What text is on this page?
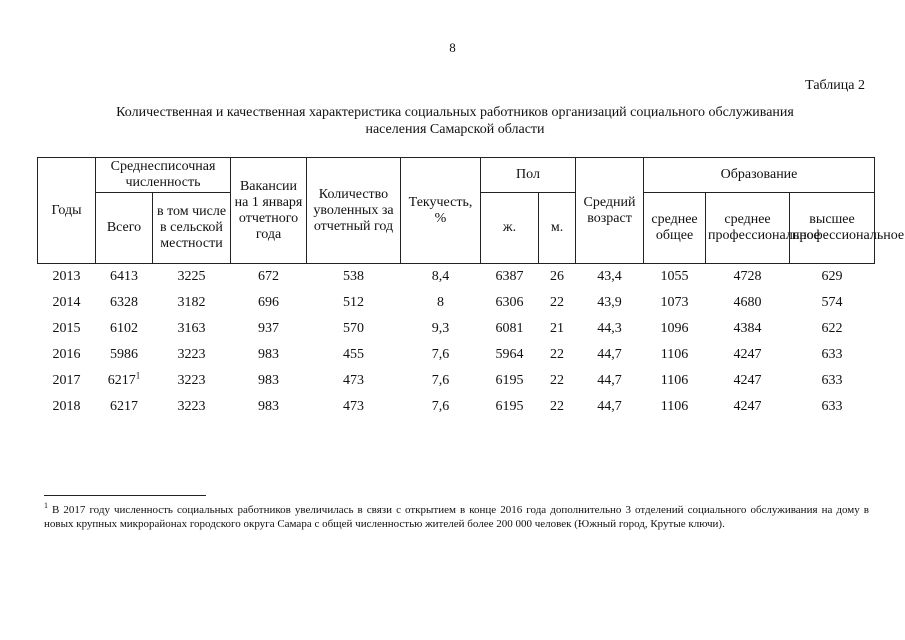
8
Таблица 2
Количественная и качественная характеристика социальных работников организаций социального обслуживания
населения Самарской области
Годы	Среднесписочная численность		Вакансии на 1 января отчетного года	Количество уволенных за отчетный год	Текучесть, %	Пол		Средний возраст	Образование		
	Всего	в том числе в сельской местности				ж.	м.		среднее общее	среднее профессиональное	высшее профессиональное
2013	6413	3225	672	538	8,4	6387	26	43,4	1055	4728	629
2014	6328	3182	696	512	8	6306	22	43,9	1073	4680	574
2015	6102	3163	937	570	9,3	6081	21	44,3	1096	4384	622
2016	5986	3223	983	455	7,6	5964	22	44,7	1106	4247	633
2017	6217$^1$	3223	983	473	7,6	6195	22	44,7	1106	4247	633
2018	6217	3223	983	473	7,6	6195	22	44,7	1106	4247	633
$^1$ В 2017 году численность социальных работников увеличилась в связи с открытием в конце 2016 года дополнительно 3 отделений социального обслуживания на дому в новых крупных микрорайонах городского округа Самара с общей численностью жителей более 200 000 человек (Южный город, Крутые ключи).
